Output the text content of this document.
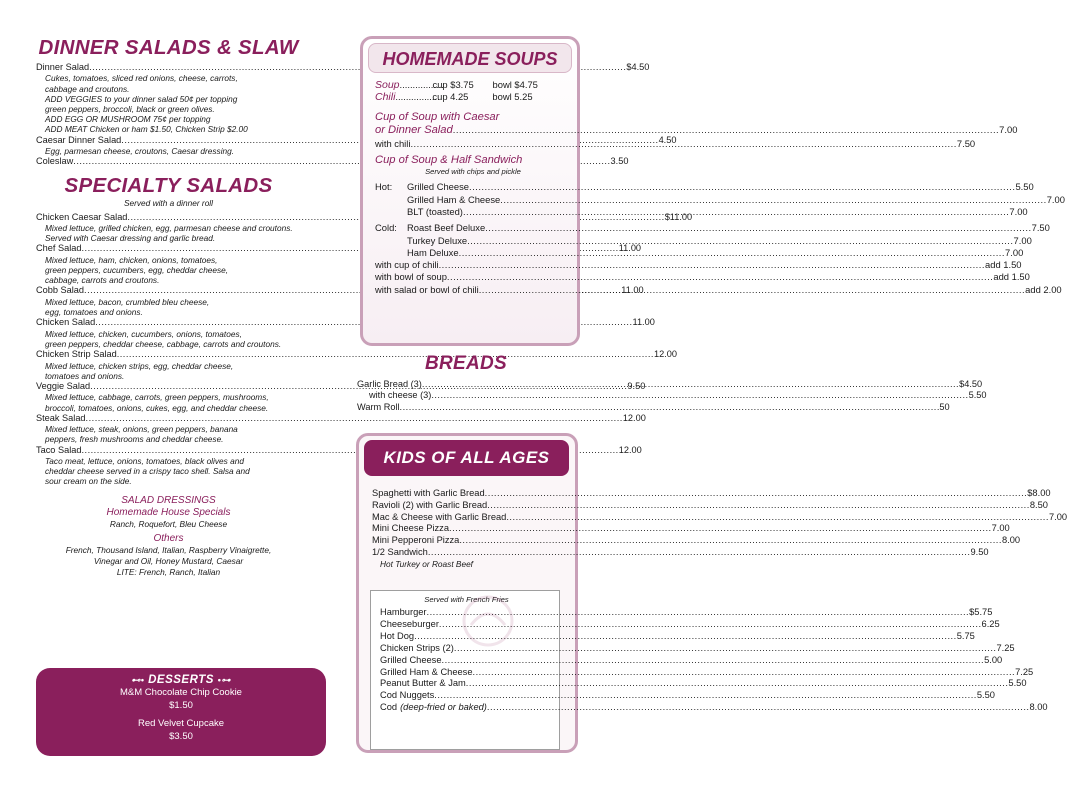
DINNER SALADS & SLAW
Dinner Salad .....	$4.50
Cukes, tomatoes, sliced red onions, cheese, carrots,
cabbage and croutons.
ADD VEGGIES to your dinner salad 50¢ per topping
green peppers, broccoli, black or green olives.
ADD EGG OR MUSHROOM 75¢ per topping
ADD MEAT Chicken or ham $1.50, Chicken Strip $2.00
Caesar Dinner Salad .....	4.50
Egg, parmesan cheese, croutons, Caesar dressing.
Coleslaw .....	3.50
SPECIALTY SALADS
Served with a dinner roll
Chicken Caesar Salad .....	$11.00
Mixed lettuce, grilled chicken, egg, parmesan cheese and croutons.
Served with Caesar dressing and garlic bread.
Chef Salad .....	11.00
Mixed lettuce, ham, chicken, onions, tomatoes,
green peppers, cucumbers, egg, cheddar cheese,
cabbage, carrots and croutons.
Cobb Salad .....	11.00
Mixed lettuce, bacon, crumbled bleu cheese,
egg, tomatoes and onions.
Chicken Salad .....	11.00
Mixed lettuce, chicken, cucumbers, onions, tomatoes,
green peppers, cheddar cheese, cabbage, carrots and croutons.
Chicken Strip Salad .....	12.00
Mixed lettuce, chicken strips, egg, cheddar cheese,
tomatoes and onions.
Veggie Salad .....	9.50
Mixed lettuce, cabbage, carrots, green peppers, mushrooms,
broccoli, tomatoes, onions, cukes, egg, and cheddar cheese.
Steak Salad .....	12.00
Mixed lettuce, steak, onions, green peppers, banana
peppers, fresh mushrooms and cheddar cheese.
Taco Salad .....	12.00
Taco meat, lettuce, onions, tomatoes, black olives and
cheddar cheese served in a crispy taco shell. Salsa and
sour cream on the side.
SALAD DRESSINGS
Homemade House Specials
Ranch, Roquefort, Bleu Cheese
Others
French, Thousand Island, Italian, Raspberry Vinaigrette,
Vinegar and Oil, Honey Mustard, Caesar
LITE: French, Ranch, Italian
⊷• DESSERTS •⊶
M&M Chocolate Chip Cookie
$1.50
Red Velvet Cupcake
$3.50
HOMEMADE SOUPS
Soup .................
cup $3.75	bowl $4.75
Chili .................
cup 4.25	bowl 5.25
Cup of Soup with Caesar
or Dinner Salad .....	7.00
with chili .....	7.50
Cup of Soup & Half Sandwich
Served with chips and pickle
Hot:	Grilled Cheese .....	5.50
Grilled Ham & Cheese .....	7.00
BLT (toasted) .....	7.00
Cold:	Roast Beef Deluxe .....	7.50
Turkey Deluxe .....	7.00
Ham Deluxe .....	7.00
with cup of chili .....	add 1.50
with bowl of soup .....	add 1.50
with salad or bowl of chili .....	add 2.00
BREADS
Garlic Bread (3) .....	$4.50
with cheese (3) .....	5.50
Warm Roll .....	.50
KIDS OF ALL AGES
Spaghetti with Garlic Bread .....	$8.00
Ravioli (2) with Garlic Bread .....	8.50
Mac & Cheese with Garlic Bread .....	7.00
Mini Cheese Pizza .....	7.00
Mini Pepperoni Pizza .....	8.00
1/2 Sandwich .....	9.50
Hot Turkey or Roast Beef
Served with French Fries
Hamburger .....	$5.75
Cheeseburger .....	6.25
Hot Dog .....	5.75
Chicken Strips (2) .....	7.25
Grilled Cheese .....	5.00
Grilled Ham & Cheese .....	7.25
Peanut Butter & Jam .....	5.50
Cod Nuggets .....	5.50
Cod (deep-fried or baked) .....	8.00
